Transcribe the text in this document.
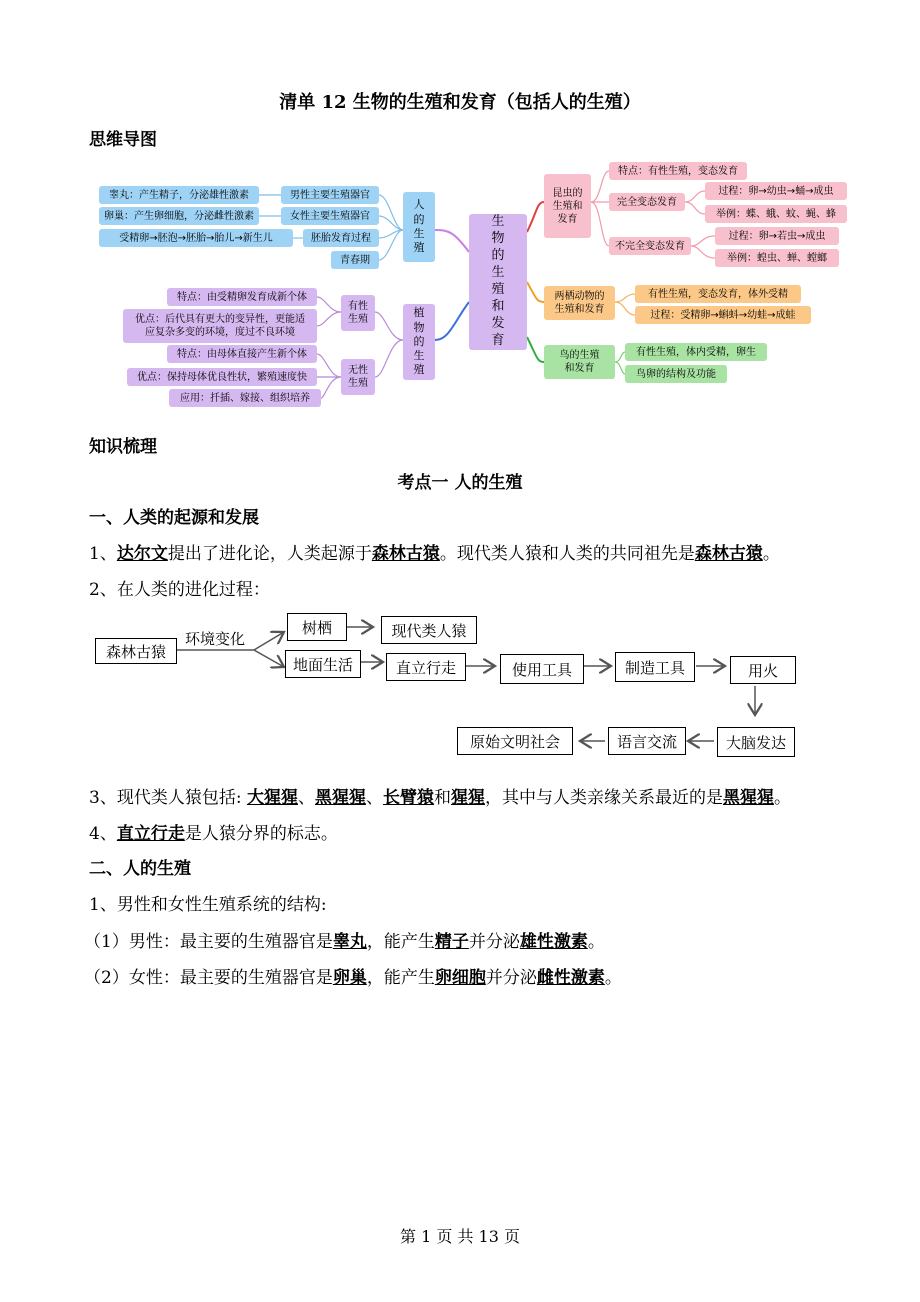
清单 12 生物的生殖和发育（包括人的生殖）
思维导图
生物的生殖和发育
人的生殖
男性主要生殖器官
睾丸：产生精子，分泌雄性激素
女性主要生殖器官
卵巢：产生卵细胞，分泌雌性激素
胚胎发育过程
受精卵→胚泡→胚胎→胎儿→新生儿
青春期
植物的生殖
有性生殖
特点：由受精卵发育成新个体
优点：后代具有更大的变异性，更能适
应复杂多变的环境，度过不良环境
无性生殖
特点：由母体直接产生新个体
优点：保持母体优良性状，繁殖速度快
应用：扦插、嫁接、组织培养
昆虫的生殖和发育
特点：有性生殖，变态发育
完全变态发育
过程：卵→幼虫→蛹→成虫
举例：蝶、蛾、蚊、蝇、蜂
不完全变态发育
过程：卵→若虫→成虫
举例：蝗虫、蝉、螳螂
两栖动物的
生殖和发育
有性生殖，变态发育，体外受精
过程：受精卵→蝌蚪→幼蛙→成蛙
鸟的生殖
和发育
有性生殖，体内受精，卵生
鸟卵的结构及功能
知识梳理
考点一 人的生殖
一、人类的起源和发展
1、达尔文提出了进化论，人类起源于森林古猿。现代类人猿和人类的共同祖先是森林古猿。
2、在人类的进化过程：
森林古猿
环境变化
树栖	现代类人猿
地面生活	直立行走	使用工具	制造工具	用火
大脑发达
语言交流
原始文明社会
3、现代类人猿包括: 大猩猩、黑猩猩、长臂猿和猩猩，其中与人类亲缘关系最近的是黑猩猩。
4、直立行走是人猿分界的标志。
二、人的生殖
1、男性和女性生殖系统的结构:
（1）男性：最主要的生殖器官是睾丸，能产生精子并分泌雄性激素。
（2）女性：最主要的生殖器官是卵巢，能产生卵细胞并分泌雌性激素。
第 1 页 共 13 页
